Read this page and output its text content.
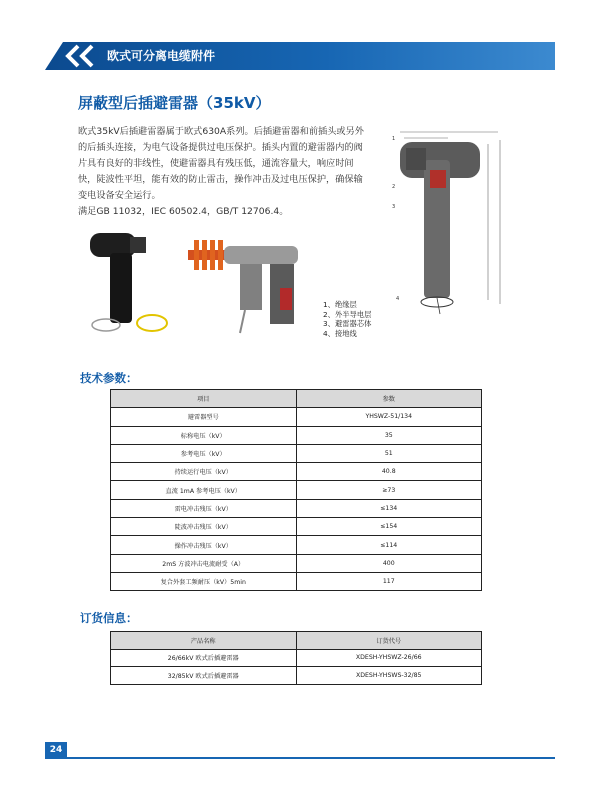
欧式可分离电缆附件
屏蔽型后插避雷器（35kV）

欧式35kV后插避雷器属于欧式630A系列。后插避雷器和前插头或另外的后插头连接，为电气设备提供过电压保护。插头内置的避雷器内的阀片具有良好的非线性，使避雷器具有残压低，通流容量大，响应时间快，陡波性平坦，能有效的防止雷击，操作冲击及过电压保护，确保输变电设备安全运行。

满足GB 11032，IEC 60502.4，GB/T 12706.4。

1
2
3
4
1、绝缘层
2、外半导电层
3、避雷器芯体
4、接地线
技术参数：
项目	参数
避雷器型号	YHSWZ-51/134
标称电压（kV）	35
参考电压（kV）	51
持续运行电压（kV）	40.8
直流 1mA 参考电压（kV）	≥73
雷电冲击残压（kV）	≤134
陡波冲击残压（kV）	≤154
操作冲击残压（kV）	≤114
2mS 方波冲击电流耐受（A）	400
复合外套工频耐压（kV）5min	117
订货信息：
产品名称	订货代号
26/66kV 欧式后插避雷器	XDESH-YHSWZ-26/66
32/85kV 欧式后插避雷器	XDESH-YHSWS-32/85
24
